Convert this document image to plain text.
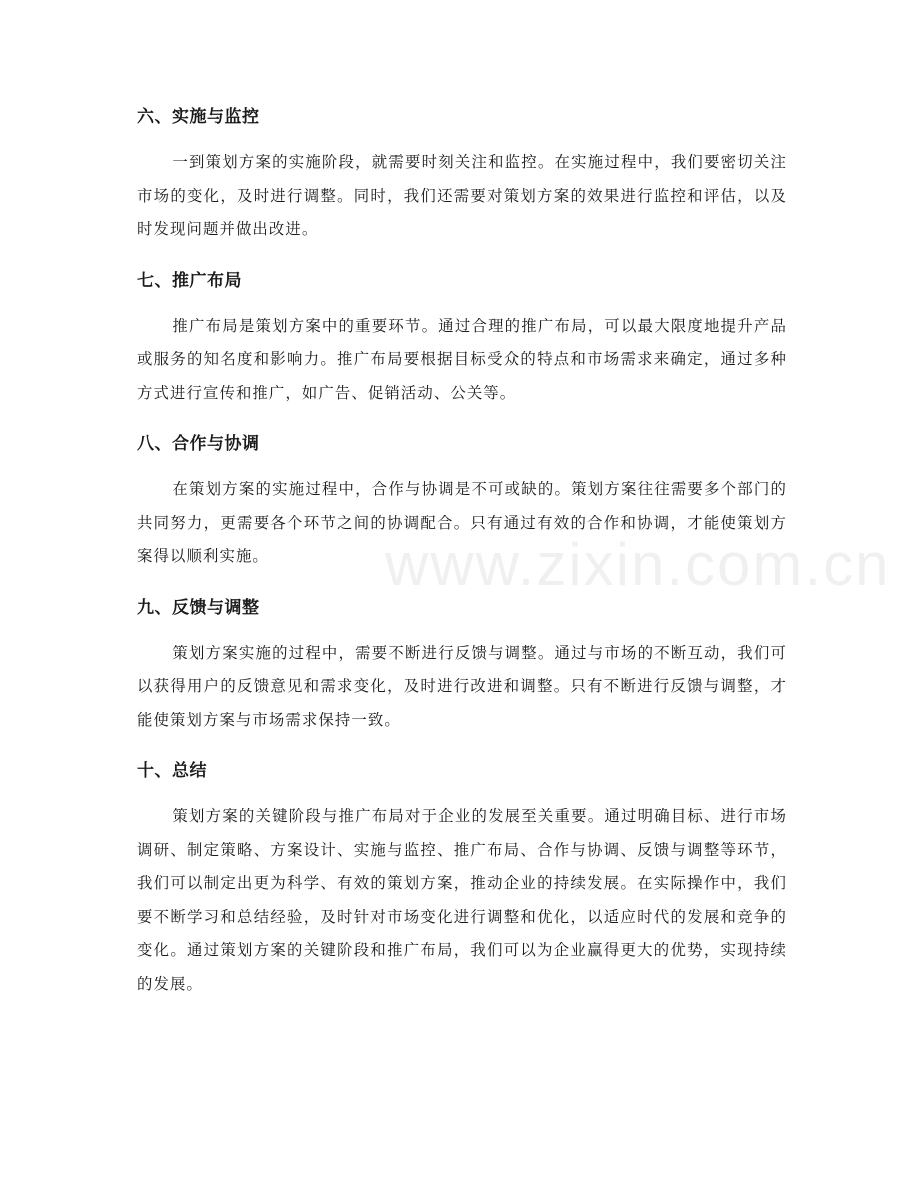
www.zixin.com.cn
六、实施与监控

一到策划方案的实施阶段，就需要时刻关注和监控。在实施过程中，我们要密切关注市场的变化，及时进行调整。同时，我们还需要对策划方案的效果进行监控和评估，以及时发现问题并做出改进。

七、推广布局

推广布局是策划方案中的重要环节。通过合理的推广布局，可以最大限度地提升产品或服务的知名度和影响力。推广布局要根据目标受众的特点和市场需求来确定，通过多种方式进行宣传和推广，如广告、促销活动、公关等。

八、合作与协调

在策划方案的实施过程中，合作与协调是不可或缺的。策划方案往往需要多个部门的共同努力，更需要各个环节之间的协调配合。只有通过有效的合作和协调，才能使策划方案得以顺利实施。

九、反馈与调整

策划方案实施的过程中，需要不断进行反馈与调整。通过与市场的不断互动，我们可以获得用户的反馈意见和需求变化，及时进行改进和调整。只有不断进行反馈与调整，才能使策划方案与市场需求保持一致。

十、总结

策划方案的关键阶段与推广布局对于企业的发展至关重要。通过明确目标、进行市场调研、制定策略、方案设计、实施与监控、推广布局、合作与协调、反馈与调整等环节，我们可以制定出更为科学、有效的策划方案，推动企业的持续发展。在实际操作中，我们要不断学习和总结经验，及时针对市场变化进行调整和优化，以适应时代的发展和竞争的变化。通过策划方案的关键阶段和推广布局，我们可以为企业赢得更大的优势，实现持续的发展。
